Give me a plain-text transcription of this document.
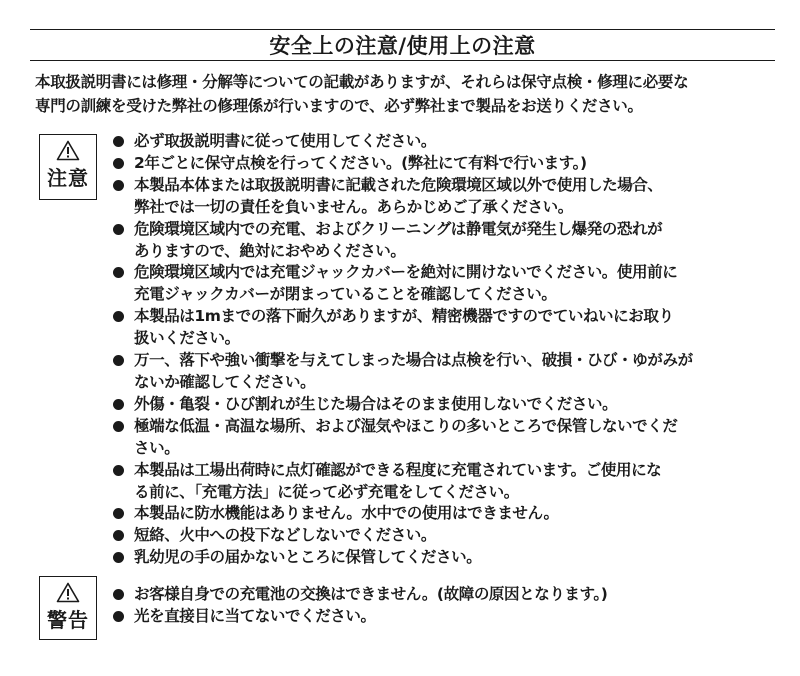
安全上の注意/使用上の注意

本取扱説明書には修理・分解等についての記載がありますが、それらは保守点検・修理に必要な

専門の訓練を受けた弊社の修理係が行いますので、必ず弊社まで製品をお送りください。

注意
必ず取扱説明書に従って使用してください。
2年ごとに保守点検を行ってください。(弊社にて有料で行います。)
本製品本体または取扱説明書に記載された危険環境区域以外で使用した場合、
弊社では一切の責任を負いません。あらかじめご了承ください。
危険環境区域内での充電、およびクリーニングは静電気が発生し爆発の恐れが
ありますので、絶対におやめください。
危険環境区域内では充電ジャックカバーを絶対に開けないでください。使用前に
充電ジャックカバーが閉まっていることを確認してください。
本製品は1mまでの落下耐久がありますが、精密機器ですのでていねいにお取り
扱いください。
万一、落下や強い衝撃を与えてしまった場合は点検を行い、破損・ひび・ゆがみが
ないか確認してください。
外傷・亀裂・ひび割れが生じた場合はそのまま使用しないでください。
極端な低温・高温な場所、および湿気やほこりの多いところで保管しないでくだ
さい。
本製品は工場出荷時に点灯確認ができる程度に充電されています。ご使用にな
る前に、「充電方法」に従って必ず充電をしてください。
本製品に防水機能はありません。水中での使用はできません。
短絡、火中への投下などしないでください。
乳幼児の手の届かないところに保管してください。
警告
お客様自身での充電池の交換はできません。(故障の原因となります。)
光を直接目に当てないでください。
